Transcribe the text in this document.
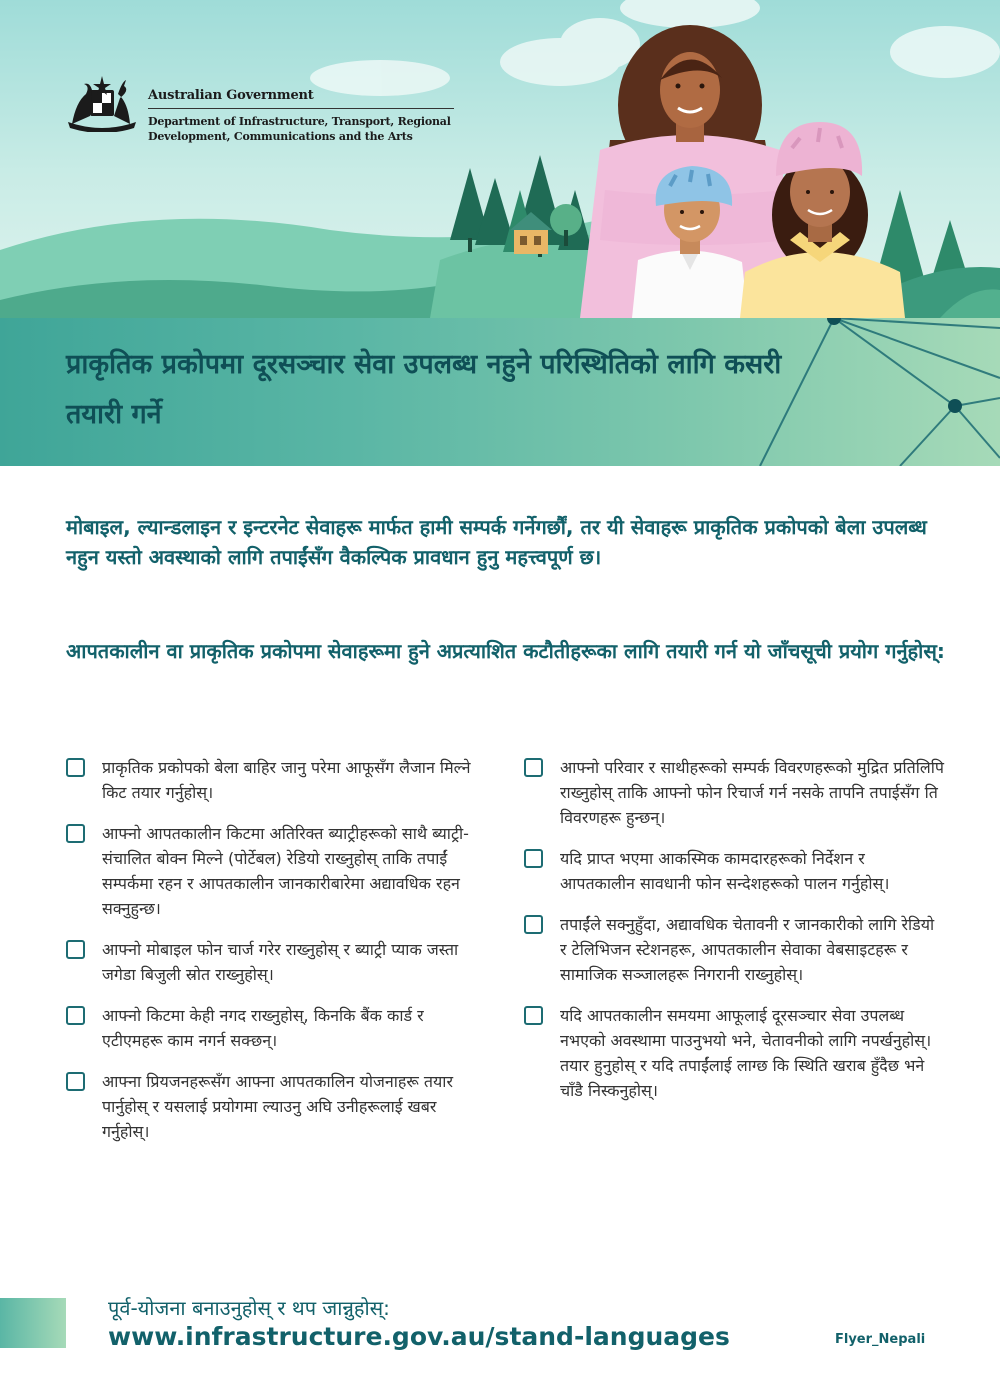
Australian Government
Department of Infrastructure, Transport, Regional Development, Communications and the Arts
प्राकृतिक प्रकोपमा दूरसञ्चार सेवा उपलब्ध नहुने परिस्थितिको लागि कसरी तयारी गर्ने

मोबाइल, ल्यान्डलाइन र इन्टरनेट सेवाहरू मार्फत हामी सम्पर्क गर्नेगर्छौं, तर यी सेवाहरू प्राकृतिक प्रकोपको बेला उपलब्ध नहुन यस्तो अवस्थाको लागि तपाईंसँग वैकल्पिक प्रावधान हुनु महत्त्वपूर्ण छ।

आपतकालीन वा प्राकृतिक प्रकोपमा सेवाहरूमा हुने अप्रत्याशित कटौतीहरूका लागि तयारी गर्न यो जाँचसूची प्रयोग गर्नुहोस्:

प्राकृतिक प्रकोपको बेला बाहिर जानु परेमा आफूसँग लैजान मिल्ने किट तयार गर्नुहोस्।
आफ्नो आपतकालीन किटमा अतिरिक्त ब्याट्रीहरूको साथै ब्याट्री-संचालित बोक्न मिल्ने (पोर्टेबल) रेडियो राख्नुहोस् ताकि तपाईं सम्पर्कमा रहन र आपतकालीन जानकारीबारेमा अद्यावधिक रहन सक्नुहुन्छ।
आफ्नो मोबाइल फोन चार्ज गरेर राख्नुहोस् र ब्याट्री प्याक जस्ता जगेडा बिजुली स्रोत राख्नुहोस्।
आफ्नो किटमा केही नगद राख्नुहोस्, किनकि बैंक कार्ड र एटीएमहरू काम नगर्न सक्छन्।
आफ्ना प्रियजनहरूसँग आफ्ना आपतकालिन योजनाहरू तयार पार्नुहोस् र यसलाई प्रयोगमा ल्याउनु अघि उनीहरूलाई खबर गर्नुहोस्।
आफ्नो परिवार र साथीहरूको सम्पर्क विवरणहरूको मुद्रित प्रतिलिपि राख्नुहोस् ताकि आफ्नो फोन रिचार्ज गर्न नसके तापनि तपाईसँग ति विवरणहरू हुन्छन्।
यदि प्राप्त भएमा आकस्मिक कामदारहरूको निर्देशन र आपतकालीन सावधानी फोन सन्देशहरूको पालन गर्नुहोस्।
तपाईंले सक्नुहुँदा, अद्यावधिक चेतावनी र जानकारीको लागि रेडियो र टेलिभिजन स्टेशनहरू, आपतकालीन सेवाका वेबसाइटहरू र सामाजिक सञ्जालहरू निगरानी राख्नुहोस्।
यदि आपतकालीन समयमा आफूलाई दूरसञ्चार सेवा उपलब्ध नभएको अवस्थामा पाउनुभयो भने, चेतावनीको लागि नपर्खनुहोस्। तयार हुनुहोस् र यदि तपाईंलाई लाग्छ कि स्थिति खराब हुँदैछ भने चाँडै निस्कनुहोस्।
पूर्व-योजना बनाउनुहोस् र थप जान्नुहोस्:
www.infrastructure.gov.au/stand-languages	Flyer_Nepali
